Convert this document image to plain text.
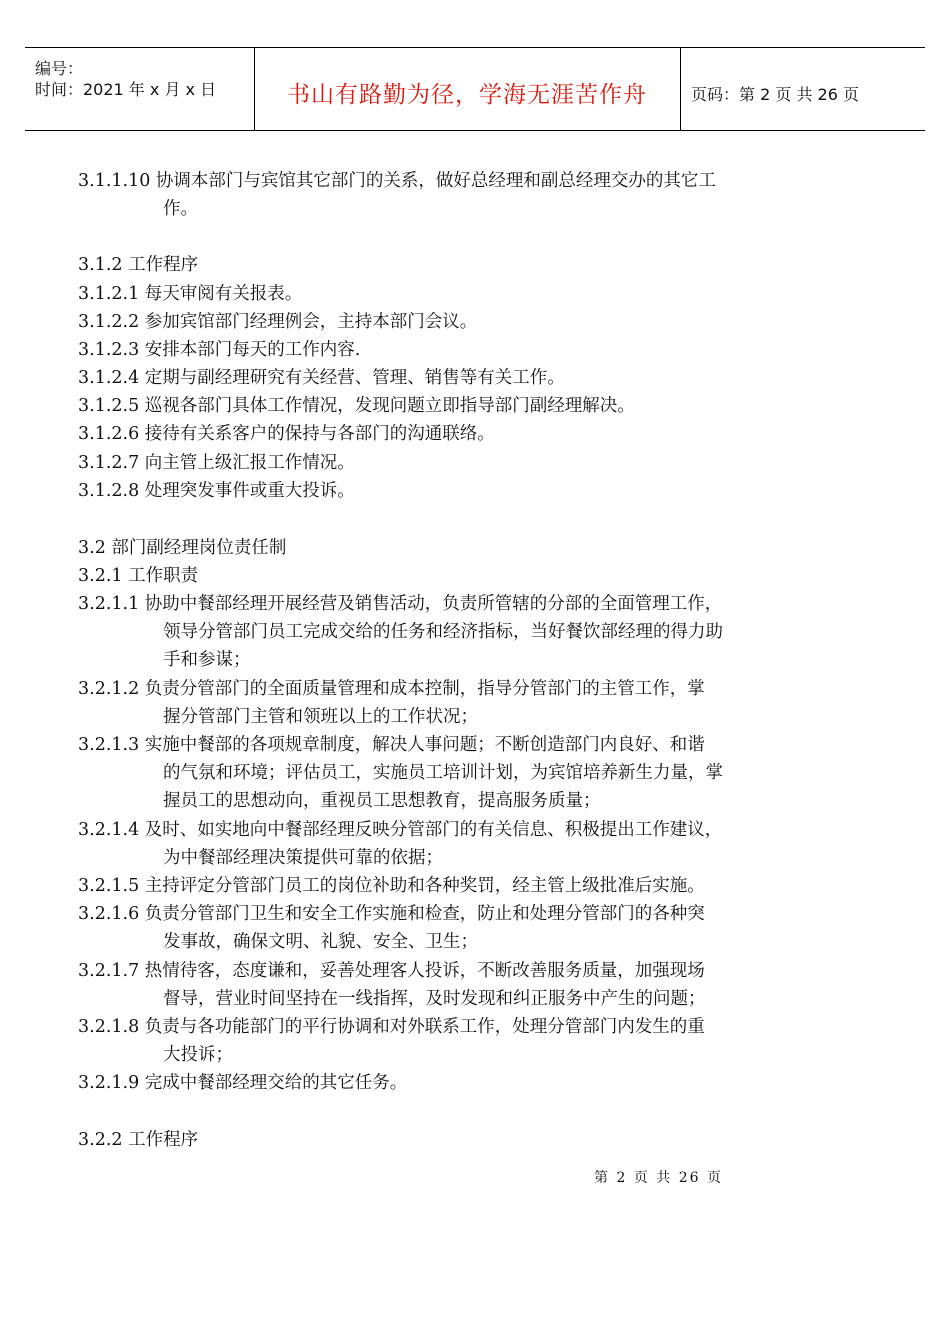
编号：
时间：2021 年 x 月 x 日	书山有路勤为径，学海无涯苦作舟	页码：第 2 页 共 26 页
3.1.1.10 协调本部门与宾馆其它部门的关系，做好总经理和副总经理交办的其它工
作。
3.1.2 工作程序
3.1.2.1 每天审阅有关报表。
3.1.2.2 参加宾馆部门经理例会，主持本部门会议。
3.1.2.3 安排本部门每天的工作内容.
3.1.2.4 定期与副经理研究有关经营、管理、销售等有关工作。
3.1.2.5 巡视各部门具体工作情况，发现问题立即指导部门副经理解决。
3.1.2.6 接待有关系客户的保持与各部门的沟通联络。
3.1.2.7 向主管上级汇报工作情况。
3.1.2.8 处理突发事件或重大投诉。
3.2 部门副经理岗位责任制
3.2.1 工作职责
3.2.1.1 协助中餐部经理开展经营及销售活动，负责所管辖的分部的全面管理工作，
领导分管部门员工完成交给的任务和经济指标，当好餐饮部经理的得力助
手和参谋；
3.2.1.2 负责分管部门的全面质量管理和成本控制，指导分管部门的主管工作，掌
握分管部门主管和领班以上的工作状况；
3.2.1.3 实施中餐部的各项规章制度，解决人事问题；不断创造部门内良好、和谐
的气氛和环境；评估员工，实施员工培训计划，为宾馆培养新生力量，掌
握员工的思想动向，重视员工思想教育，提高服务质量；
3.2.1.4 及时、如实地向中餐部经理反映分管部门的有关信息、积极提出工作建议，
为中餐部经理决策提供可靠的依据；
3.2.1.5 主持评定分管部门员工的岗位补助和各种奖罚，经主管上级批准后实施。
3.2.1.6 负责分管部门卫生和安全工作实施和检查，防止和处理分管部门的各种突
发事故，确保文明、礼貌、安全、卫生；
3.2.1.7 热情待客，态度谦和，妥善处理客人投诉，不断改善服务质量，加强现场
督导，营业时间坚持在一线指挥，及时发现和纠正服务中产生的问题；
3.2.1.8 负责与各功能部门的平行协调和对外联系工作，处理分管部门内发生的重
大投诉；
3.2.1.9 完成中餐部经理交给的其它任务。
3.2.2 工作程序
第 2 页 共 26 页
